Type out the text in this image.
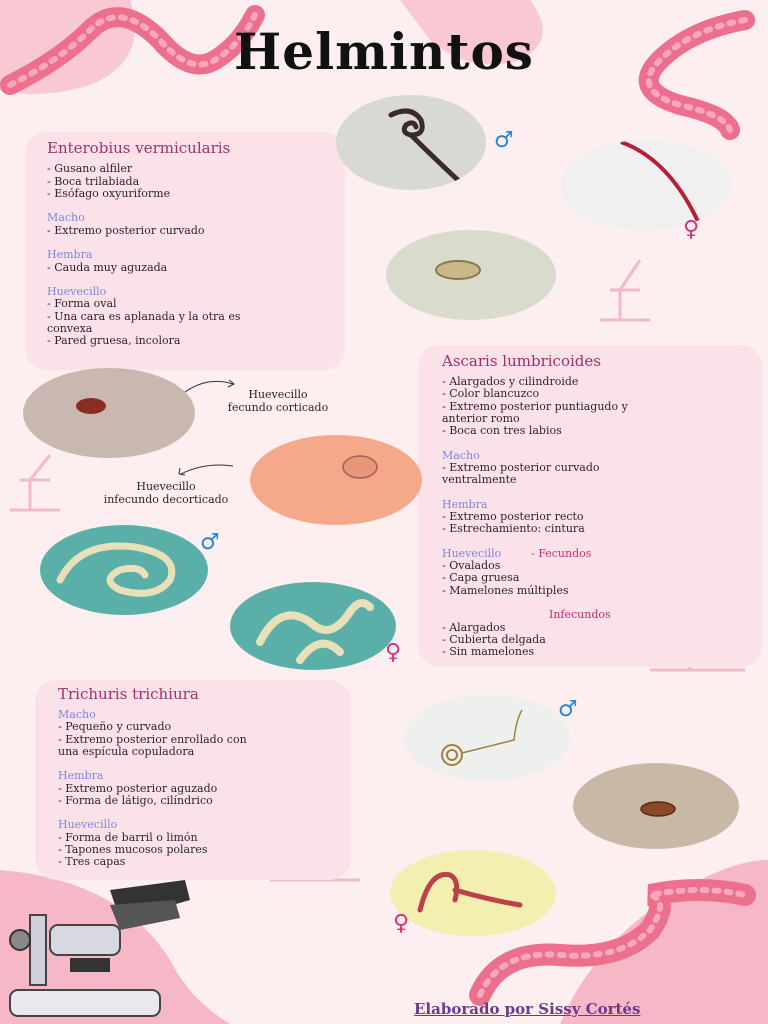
Helmintos
Enterobius vermicularis
- Gusano alfiler
- Boca trilabiada
- Esófago oxyuriforme
Macho
- Extremo posterior curvado
Hembra
- Cauda muy aguzada
Huevecillo
- Forma oval
- Una cara es aplanada y la otra es
convexa
- Pared gruesa, incolora
♂
♀
Ascaris lumbricoides
- Alargados y cilindroide
- Color blancuzco
- Extremo posterior puntiagudo y
anterior romo
- Boca con tres labios
Macho
- Extremo posterior curvado
ventralmente
Hembra
- Extremo posterior recto
- Estrechamiento: cintura
Huevecillo	- Fecundos
- Ovalados
- Capa gruesa
- Mamelones múltiples
Infecundos
- Alargados
- Cubierta delgada
- Sin mamelones
Huevecillo
fecundo corticado
Huevecillo
infecundo decorticado
♂
♀
Trichuris trichiura
Macho
- Pequeño y curvado
- Extremo posterior enrollado con
una espícula copuladora
Hembra
- Extremo posterior aguzado
- Forma de látigo, cilíndrico
Huevecillo
- Forma de barril o limón
- Tapones mucosos polares
- Tres capas
♂
♀
Elaborado por Sissy Cortés
